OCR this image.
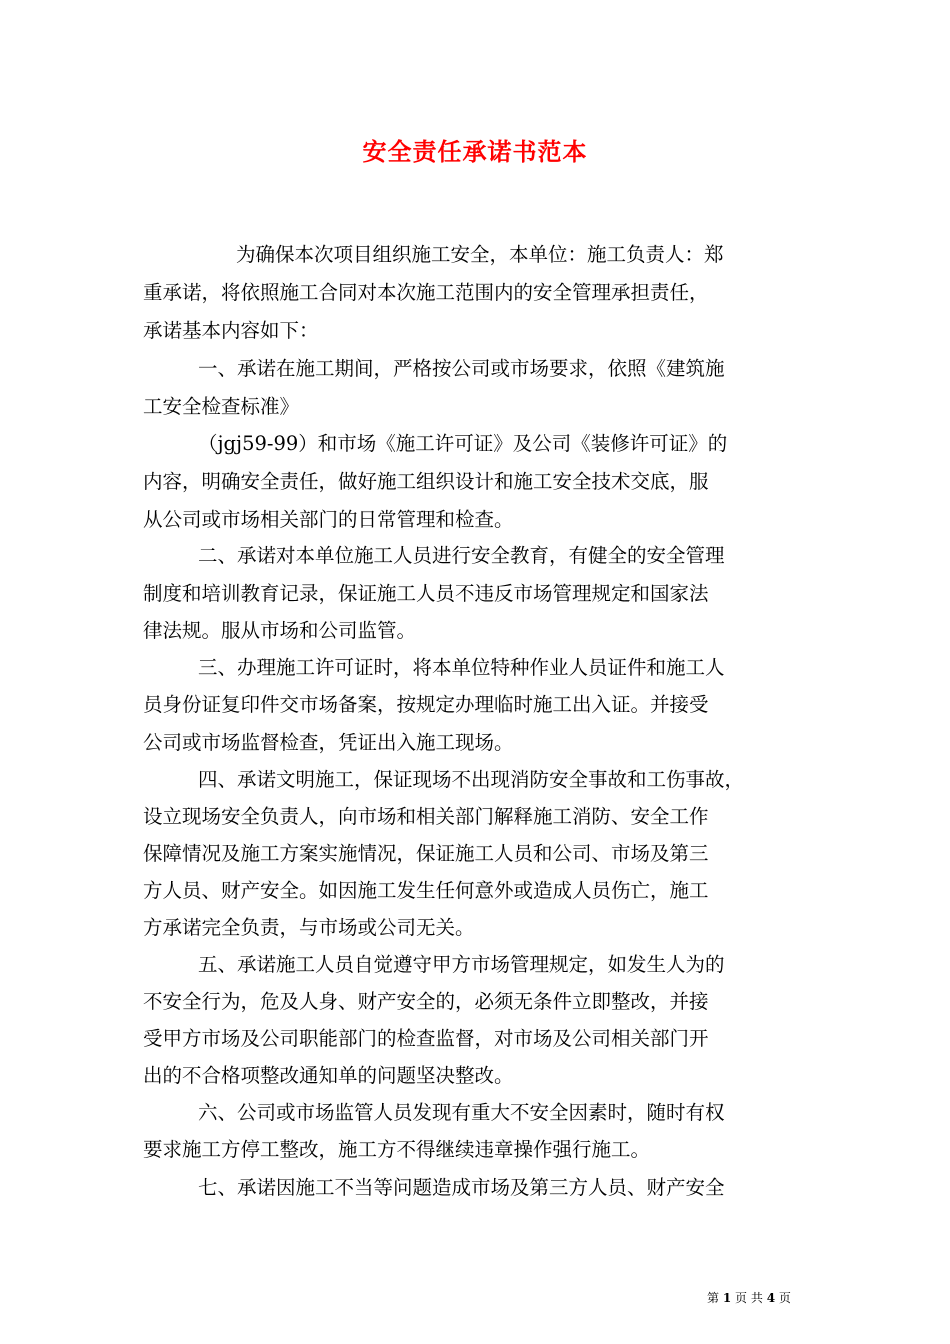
安全责任承诺书范本
为确保本次项目组织施工安全，本单位：施工负责人：郑
重承诺，将依照施工合同对本次施工范围内的安全管理承担责任，
承诺基本内容如下：
一、承诺在施工期间，严格按公司或市场要求，依照《建筑施
工安全检查标准》
（jgj59-99）和市场《施工许可证》及公司《装修许可证》的
内容，明确安全责任，做好施工组织设计和施工安全技术交底，服
从公司或市场相关部门的日常管理和检查。
二、承诺对本单位施工人员进行安全教育，有健全的安全管理
制度和培训教育记录，保证施工人员不违反市场管理规定和国家法
律法规。服从市场和公司监管。
三、办理施工许可证时，将本单位特种作业人员证件和施工人
员身份证复印件交市场备案，按规定办理临时施工出入证。并接受
公司或市场监督检查，凭证出入施工现场。
四、承诺文明施工，保证现场不出现消防安全事故和工伤事故，
设立现场安全负责人，向市场和相关部门解释施工消防、安全工作
保障情况及施工方案实施情况，保证施工人员和公司、市场及第三
方人员、财产安全。如因施工发生任何意外或造成人员伤亡，施工
方承诺完全负责，与市场或公司无关。
五、承诺施工人员自觉遵守甲方市场管理规定，如发生人为的
不安全行为，危及人身、财产安全的，必须无条件立即整改，并接
受甲方市场及公司职能部门的检查监督，对市场及公司相关部门开
出的不合格项整改通知单的问题坚决整改。
六、公司或市场监管人员发现有重大不安全因素时，随时有权
要求施工方停工整改，施工方不得继续违章操作强行施工。
七、承诺因施工不当等问题造成市场及第三方人员、财产安全
第 1 页 共 4 页
